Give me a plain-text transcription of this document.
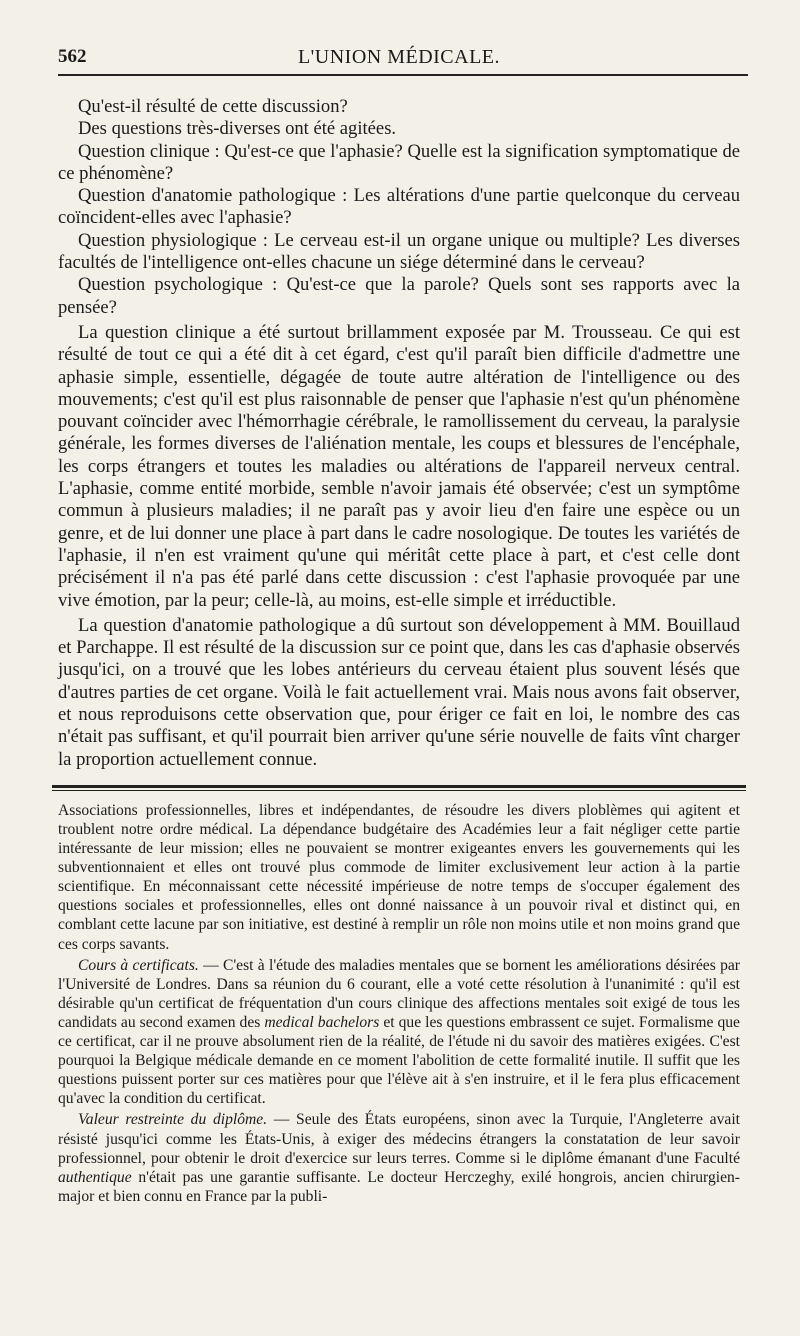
562	L'UNION MÉDICALE.

Qu'est-il résulté de cette discussion?

Des questions très-diverses ont été agitées.

Question clinique : Qu'est-ce que l'aphasie? Quelle est la signification symptomatique de ce phénomène?

Question d'anatomie pathologique : Les altérations d'une partie quelconque du cerveau coïncident-elles avec l'aphasie?

Question physiologique : Le cerveau est-il un organe unique ou multiple? Les diverses facultés de l'intelligence ont-elles chacune un siége déterminé dans le cerveau?

Question psychologique : Qu'est-ce que la parole? Quels sont ses rapports avec la pensée?

La question clinique a été surtout brillamment exposée par M. Trousseau. Ce qui est résulté de tout ce qui a été dit à cet égard, c'est qu'il paraît bien difficile d'admettre une aphasie simple, essentielle, dégagée de toute autre altération de l'intelligence ou des mouvements; c'est qu'il est plus raisonnable de penser que l'aphasie n'est qu'un phénomène pouvant coïncider avec l'hémorrhagie cérébrale, le ramollissement du cerveau, la paralysie générale, les formes diverses de l'aliénation mentale, les coups et blessures de l'encéphale, les corps étrangers et toutes les maladies ou altérations de l'appareil nerveux central. L'aphasie, comme entité morbide, semble n'avoir jamais été observée; c'est un symptôme commun à plusieurs maladies; il ne paraît pas y avoir lieu d'en faire une espèce ou un genre, et de lui donner une place à part dans le cadre nosologique. De toutes les variétés de l'aphasie, il n'en est vraiment qu'une qui méritât cette place à part, et c'est celle dont précisément il n'a pas été parlé dans cette discussion : c'est l'aphasie provoquée par une vive émotion, par la peur; celle-là, au moins, est-elle simple et irréductible.

La question d'anatomie pathologique a dû surtout son développement à MM. Bouillaud et Parchappe. Il est résulté de la discussion sur ce point que, dans les cas d'aphasie observés jusqu'ici, on a trouvé que les lobes antérieurs du cerveau étaient plus souvent lésés que d'autres parties de cet organe. Voilà le fait actuellement vrai. Mais nous avons fait observer, et nous reproduisons cette observation que, pour ériger ce fait en loi, le nombre des cas n'était pas suffisant, et qu'il pourrait bien arriver qu'une série nouvelle de faits vînt charger la proportion actuellement connue.

Associations professionnelles, libres et indépendantes, de résoudre les divers ploblèmes qui agitent et troublent notre ordre médical. La dépendance budgétaire des Académies leur a fait négliger cette partie intéressante de leur mission; elles ne pouvaient se montrer exigeantes envers les gouvernements qui les subventionnaient et elles ont trouvé plus commode de limiter exclusivement leur action à la partie scientifique. En méconnaissant cette nécessité impérieuse de notre temps de s'occuper également des questions sociales et professionnelles, elles ont donné naissance à un pouvoir rival et distinct qui, en comblant cette lacune par son initiative, est destiné à remplir un rôle non moins utile et non moins grand que ces corps savants.

Cours à certificats. — C'est à l'étude des maladies mentales que se bornent les améliorations désirées par l'Université de Londres. Dans sa réunion du 6 courant, elle a voté cette résolution à l'unanimité : qu'il est désirable qu'un certificat de fréquentation d'un cours clinique des affections mentales soit exigé de tous les candidats au second examen des medical bachelors et que les questions embrassent ce sujet. Formalisme que ce certificat, car il ne prouve absolument rien de la réalité, de l'étude ni du savoir des matières exigées. C'est pourquoi la Belgique médicale demande en ce moment l'abolition de cette formalité inutile. Il suffit que les questions puissent porter sur ces matières pour que l'élève ait à s'en instruire, et il le fera plus efficacement qu'avec la condition du certificat.

Valeur restreinte du diplôme. — Seule des États européens, sinon avec la Turquie, l'Angleterre avait résisté jusqu'ici comme les États-Unis, à exiger des médecins étrangers la constatation de leur savoir professionnel, pour obtenir le droit d'exercice sur leurs terres. Comme si le diplôme émanant d'une Faculté authentique n'était pas une garantie suffisante. Le docteur Herczeghy, exilé hongrois, ancien chirurgien-major et bien connu en France par la publi-
